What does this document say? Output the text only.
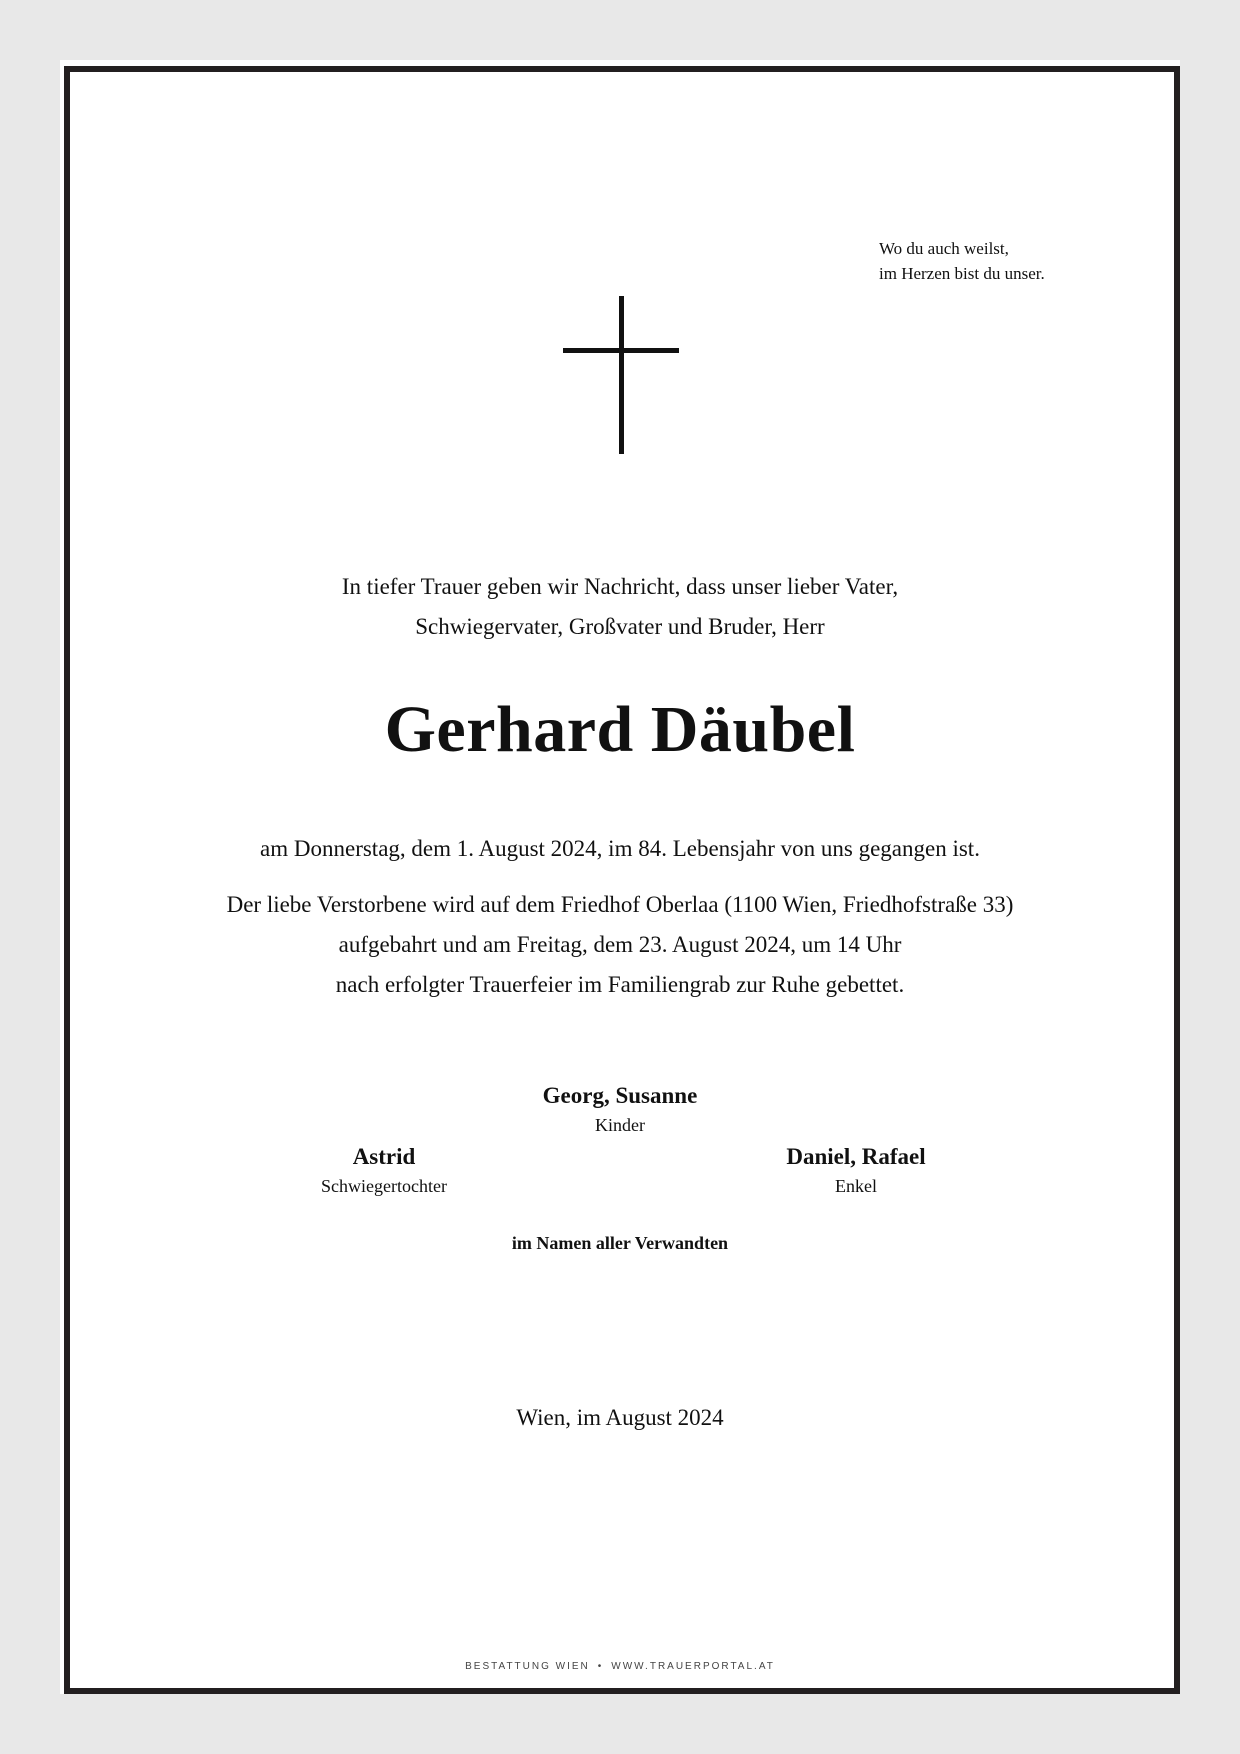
Wo du auch weilst,
im Herzen bist du unser.
In tiefer Trauer geben wir Nachricht, dass unser lieber Vater,
Schwiegervater, Großvater und Bruder, Herr
Gerhard Däubel
am Donnerstag, dem 1. August 2024, im 84. Lebensjahr von uns gegangen ist.
Der liebe Verstorbene wird auf dem Friedhof Oberlaa (1100 Wien, Friedhofstraße 33)
aufgebahrt und am Freitag, dem 23. August 2024, um 14 Uhr
nach erfolgter Trauerfeier im Familiengrab zur Ruhe gebettet.
Georg, Susanne
Kinder
Astrid
Schwiegertochter
Daniel, Rafael
Enkel
im Namen aller Verwandten
Wien, im August 2024
BESTATTUNG WIEN • WWW.TRAUERPORTAL.AT
